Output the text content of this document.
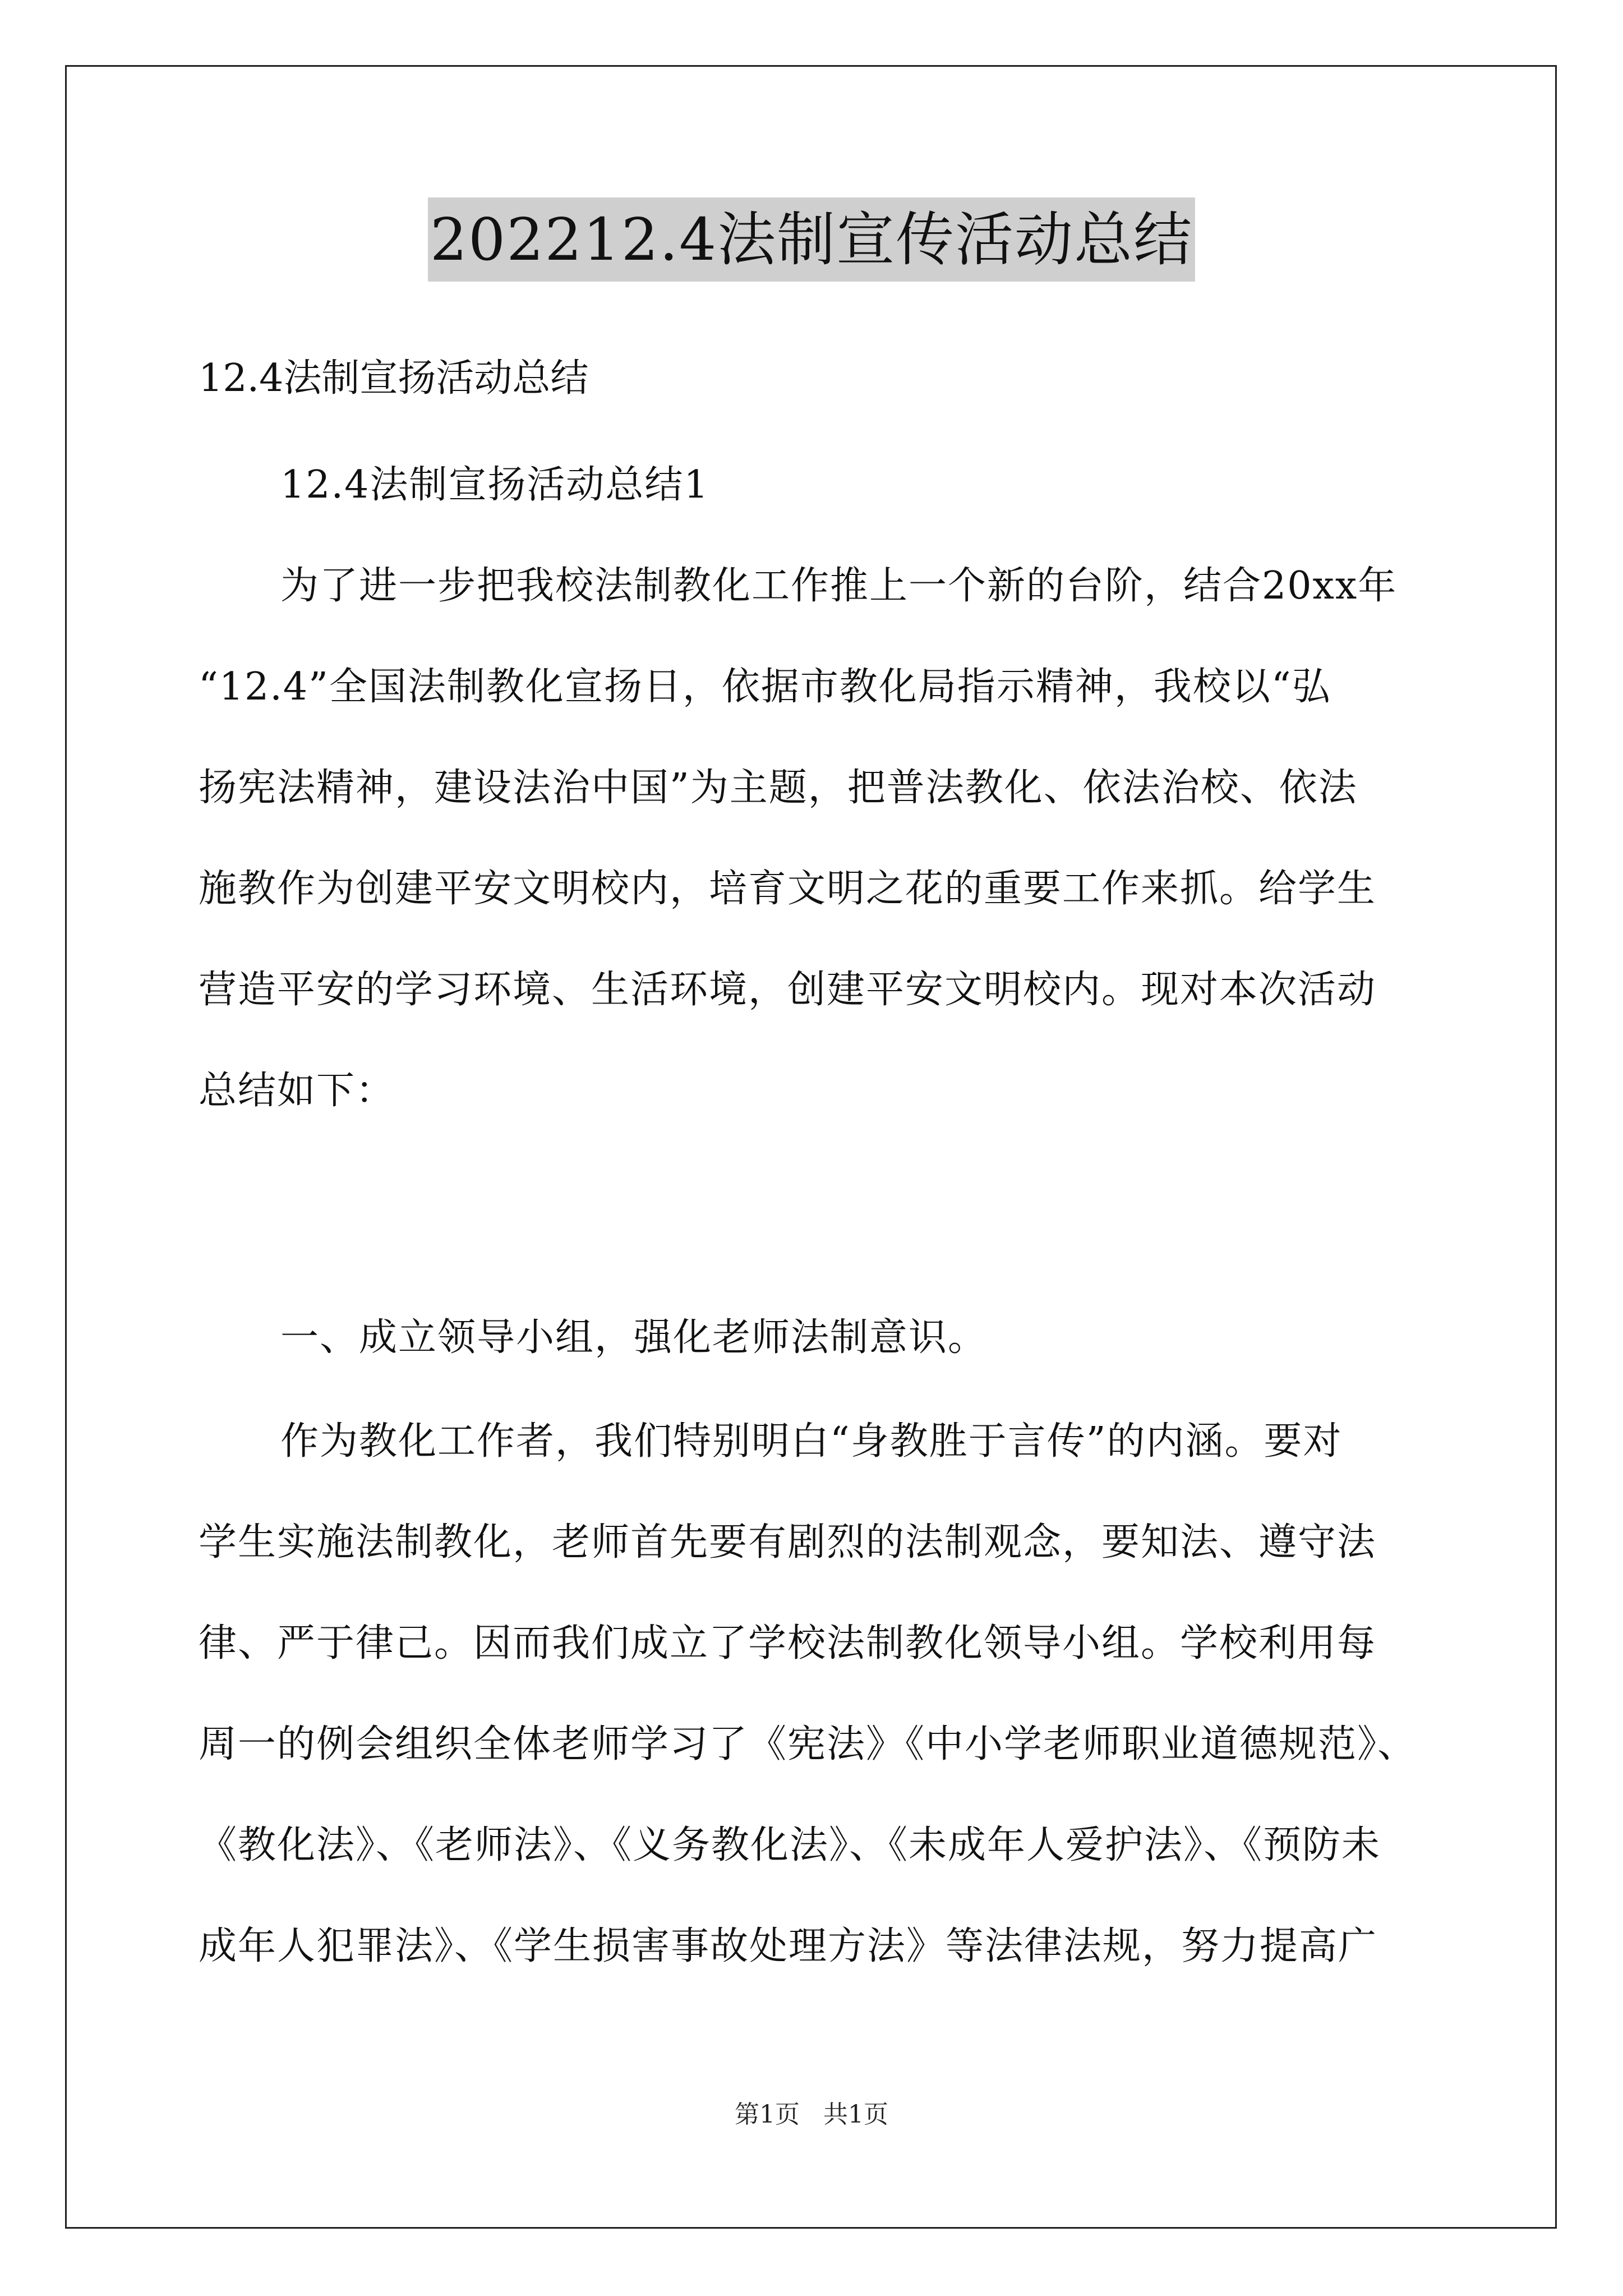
202212.4法制宣传活动总结
12.4法制宣扬活动总结
12.4法制宣扬活动总结1
为了进一步把我校法制教化工作推上一个新的台阶，结合20xx年
“12.4”全国法制教化宣扬日，依据市教化局指示精神，我校以“弘
扬宪法精神，建设法治中国”为主题，把普法教化、依法治校、依法
施教作为创建平安文明校内，培育文明之花的重要工作来抓。给学生
营造平安的学习环境、生活环境，创建平安文明校内。现对本次活动
总结如下：
一、成立领导小组，强化老师法制意识。
作为教化工作者，我们特别明白“身教胜于言传”的内涵。要对
学生实施法制教化，老师首先要有剧烈的法制观念，要知法、遵守法
律、严于律己。因而我们成立了学校法制教化领导小组。学校利用每
周一的例会组织全体老师学习了《宪法》《中小学老师职业道德规范》、
《教化法》、《老师法》、《义务教化法》、《未成年人爱护法》、《预防未
成年人犯罪法》、《学生损害事故处理方法》等法律法规，努力提高广
第1页 共1页
